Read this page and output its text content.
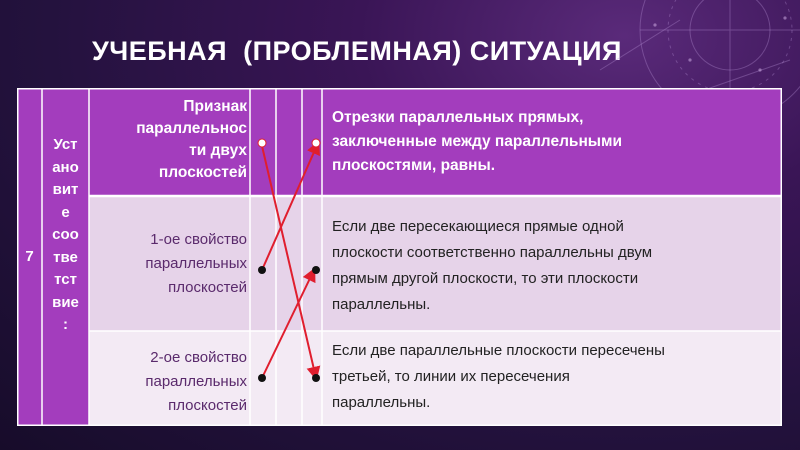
УЧЕБНАЯ  (ПРОБЛЕМНАЯ) СИТУАЦИЯ
7
Уст
ано
вит
е
соо
тве
тст
вие
:
Признак
параллельнос
ти двух
плоскостей
Отрезки параллельных прямых,
заключенные между параллельными
плоскостями, равны.
1-ое свойство
параллельных
плоскостей
Если две пересекающиеся прямые одной
плоскости соответственно параллельны двум
прямым другой плоскости, то эти плоскости
параллельны.
2-ое свойство
параллельных
плоскостей
Если две параллельные плоскости пересечены
третьей, то линии их пересечения
параллельны.
